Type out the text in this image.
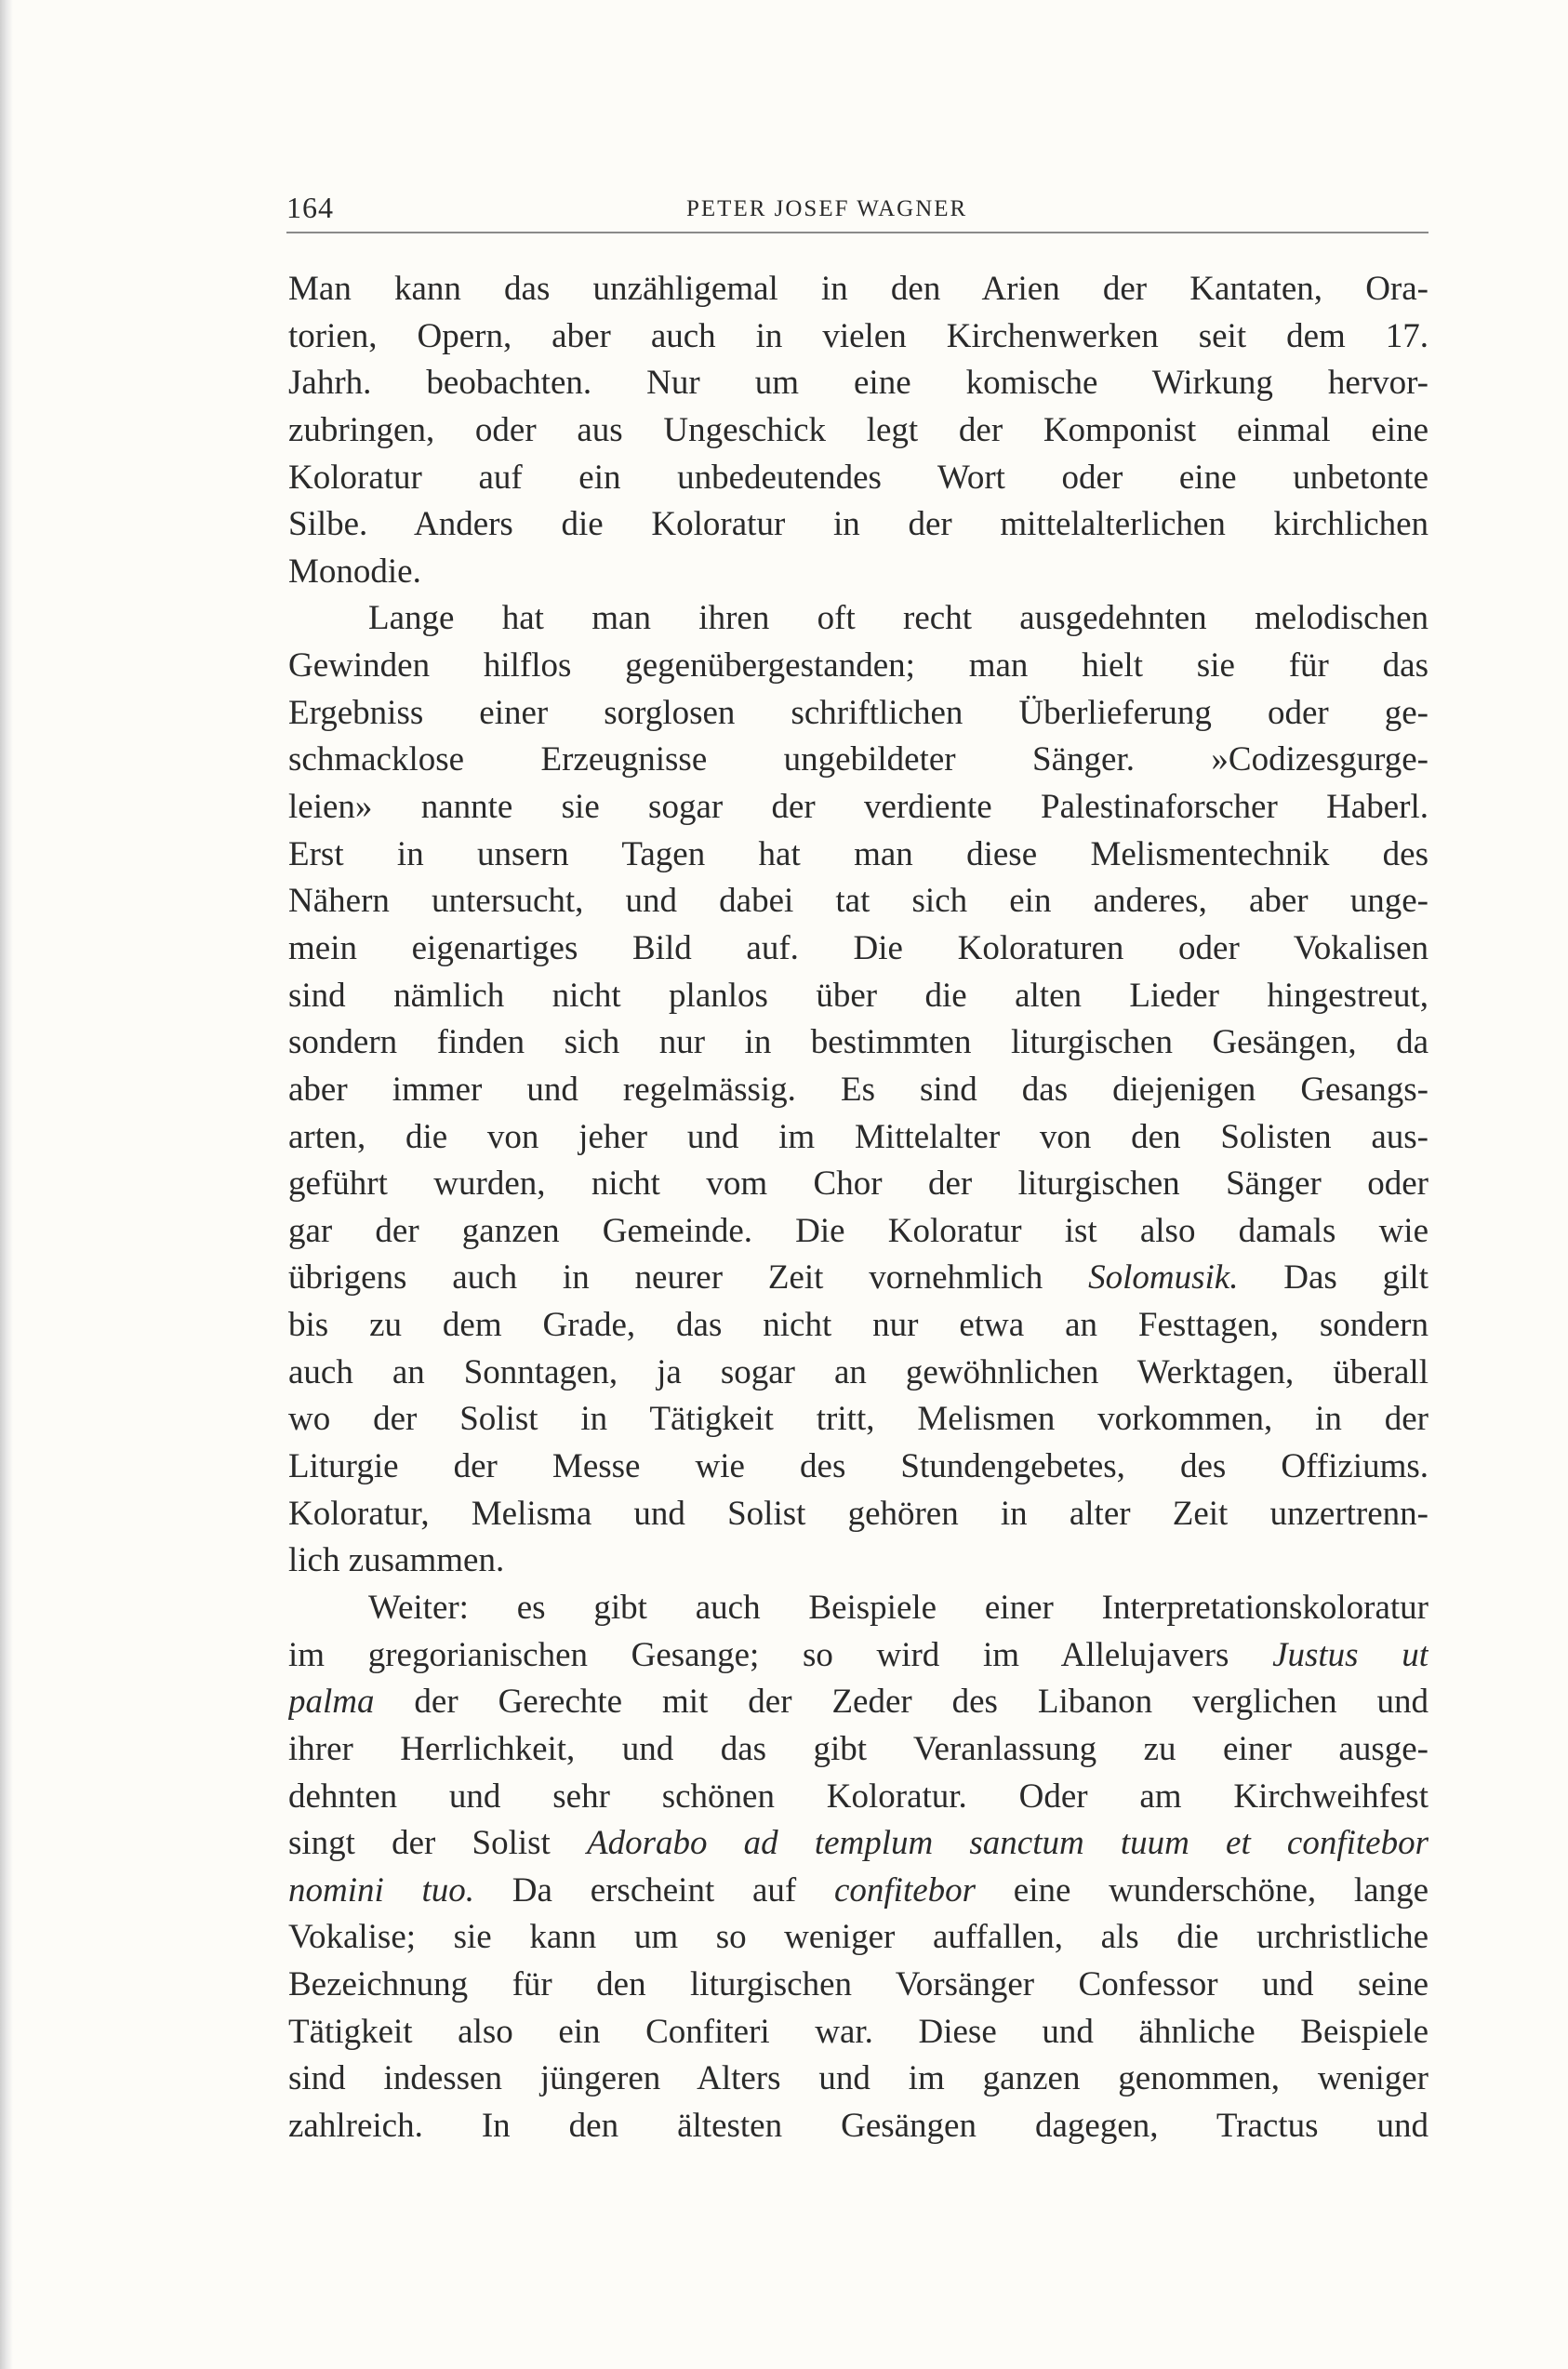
164	PETER JOSEF WAGNER
Man kann das unzähligemal in den Arien der Kantaten, Ora-
torien, Opern, aber auch in vielen Kirchenwerken seit dem 17.
Jahrh. beobachten. Nur um eine komische Wirkung hervor-
zubringen, oder aus Ungeschick legt der Komponist einmal eine
Koloratur auf ein unbedeutendes Wort oder eine unbetonte
Silbe. Anders die Koloratur in der mittelalterlichen kirchlichen
Monodie.
Lange hat man ihren oft recht ausgedehnten melodischen
Gewinden hilflos gegenübergestanden; man hielt sie für das
Ergebniss einer sorglosen schriftlichen Überlieferung oder ge-
schmacklose Erzeugnisse ungebildeter Sänger. »Codizesgurge-
leien» nannte sie sogar der verdiente Palestinaforscher Haberl.
Erst in unsern Tagen hat man diese Melismentechnik des
Nähern untersucht, und dabei tat sich ein anderes, aber unge-
mein eigenartiges Bild auf. Die Koloraturen oder Vokalisen
sind nämlich nicht planlos über die alten Lieder hingestreut,
sondern finden sich nur in bestimmten liturgischen Gesängen, da
aber immer und regelmässig. Es sind das diejenigen Gesangs-
arten, die von jeher und im Mittelalter von den Solisten aus-
geführt wurden, nicht vom Chor der liturgischen Sänger oder
gar der ganzen Gemeinde. Die Koloratur ist also damals wie
übrigens auch in neurer Zeit vornehmlich Solomusik. Das gilt
bis zu dem Grade, das nicht nur etwa an Festtagen, sondern
auch an Sonntagen, ja sogar an gewöhnlichen Werktagen, überall
wo der Solist in Tätigkeit tritt, Melismen vorkommen, in der
Liturgie der Messe wie des Stundengebetes, des Offiziums.
Koloratur, Melisma und Solist gehören in alter Zeit unzertrenn-
lich zusammen.
Weiter: es gibt auch Beispiele einer Interpretationskoloratur
im gregorianischen Gesange; so wird im Allelujavers Justus ut
palma der Gerechte mit der Zeder des Libanon verglichen und
ihrer Herrlichkeit, und das gibt Veranlassung zu einer ausge-
dehnten und sehr schönen Koloratur. Oder am Kirchweihfest
singt der Solist Adorabo ad templum sanctum tuum et confitebor
nomini tuo. Da erscheint auf confitebor eine wunderschöne, lange
Vokalise; sie kann um so weniger auffallen, als die urchristliche
Bezeichnung für den liturgischen Vorsänger Confessor und seine
Tätigkeit also ein Confiteri war. Diese und ähnliche Beispiele
sind indessen jüngeren Alters und im ganzen genommen, weniger
zahlreich. In den ältesten Gesängen dagegen, Tractus und
